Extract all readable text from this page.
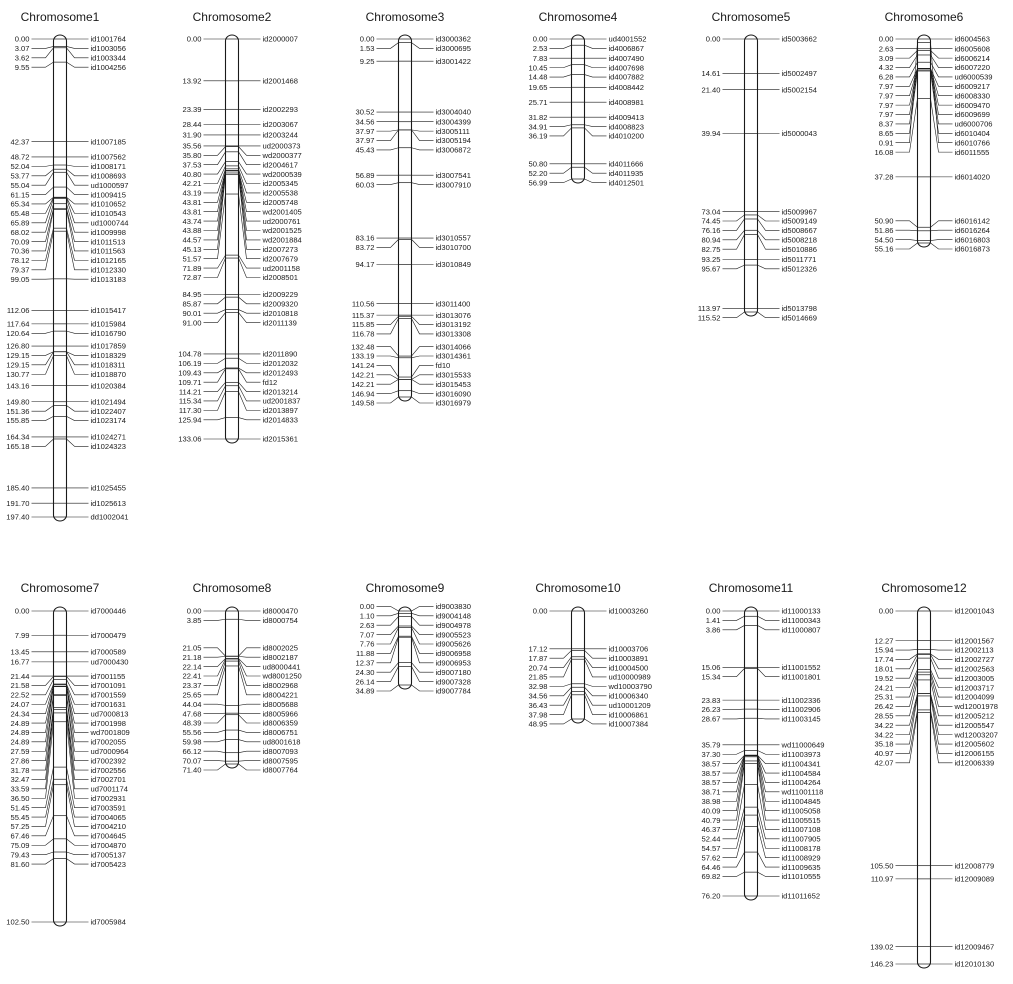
Chromosome1
0.00	id1001764
3.07	id1003056
3.62	id1003344
9.55	id1004256
42.37	id1007185
48.72	id1007562
52.04	id1008171
53.77	id1008693
55.04	ud1000597
61.15	id1009415
65.34	id1010652
65.48	id1010543
65.89	ud1000744
68.02	id1009998
70.09	id1011513
70.36	id1011563
78.12	id1012165
79.37	id1012330
99.05	id1013183
112.06	id1015417
117.64	id1015984
120.64	id1016790
126.80	id1017859
129.15	id1018329
129.15	id1018311
130.77	id1018870
143.16	id1020384
149.80	id1021494
151.36	id1022407
155.85	id1023174
164.34	id1024271
165.18	id1024323
185.40	id1025455
191.70	id1025613
197.40	dd1002041
Chromosome2
0.00	id2000007
13.92	id2001468
23.39	id2002293
28.44	id2003067
31.90	id2003244
35.56	ud2000373
35.80	wd2000377
37.53	id2004617
40.80	wd2000539
42.21	id2005345
43.19	id2005538
43.81	id2005748
43.81	wd2001405
43.74	ud2000761
43.88	wd2001525
44.57	wd2001884
45.13	id2007273
51.57	id2007679
71.89	ud2001158
72.87	id2008501
84.95	id2009229
85.87	id2009320
90.01	id2010818
91.00	id2011139
104.78	id2011890
106.19	id2012032
109.43	id2012493
109.71	fd12
114.21	id2013214
115.34	ud2001837
117.30	id2013897
125.94	id2014833
133.06	id2015361
Chromosome3
0.00	id3000362
1.53	id3000695
9.25	id3001422
30.52	id3004040
34.56	id3004399
37.97	id3005111
37.97	id3005194
45.43	id3006872
56.89	id3007541
60.03	id3007910
83.16	id3010557
83.72	id3010700
94.17	id3010849
110.56	id3011400
115.37	id3013076
115.85	id3013192
116.78	id3013308
132.48	id3014066
133.19	id3014361
141.24	fd10
142.21	id3015533
142.21	id3015453
146.94	id3016090
149.58	id3016979
Chromosome4
0.00	ud4001552
2.53	id4006867
7.83	id4007490
10.45	id4007698
14.48	id4007882
19.65	id4008442
25.71	id4008981
31.82	id4009413
34.91	id4008823
36.19	id4010200
50.80	id4011666
52.20	id4011935
56.99	id4012501
Chromosome5
0.00	id5003662
14.61	id5002497
21.40	id5002154
39.94	id5000043
73.04	id5009967
74.45	id5009149
76.16	id5008667
80.94	id5008218
82.75	id5010886
93.25	id5011771
95.67	id5012326
113.97	id5013798
115.52	id5014669
Chromosome6
0.00	id6004563
2.63	id6005608
3.09	id6006214
4.32	id6007220
6.28	ud6000539
7.97	id6009217
7.97	id6008330
7.97	id6009470
7.97	id6009699
8.37	ud6000706
8.65	id6010404
0.91	id6010766
16.08	id6011555
37.28	id6014020
50.90	id6016142
51.86	id6016264
54.50	id6016803
55.16	id6016873
Chromosome7
0.00	id7000446
7.99	id7000479
13.45	id7000589
16.77	ud7000430
21.44	id7001155
21.58	id7001091
22.52	id7001559
24.07	id7001631
24.34	ud7000813
24.89	id7001998
24.89	wd7001809
24.89	id7002055
27.59	ud7000964
27.86	id7002392
31.78	id7002556
32.47	id7002701
33.59	ud7001174
36.50	id7002931
51.45	id7003591
55.45	id7004065
57.25	id7004210
67.46	id7004645
75.09	id7004870
79.43	id7005137
81.60	id7005423
102.50	id7005984
Chromosome8
0.00	id8000470
3.85	id8000754
21.05	id8002025
21.18	id8002187
22.14	ud8000441
22.41	wd8001250
23.37	id8002968
25.65	id8004221
44.04	id8005688
47.68	id8005966
48.39	id8006359
55.56	id8006751
59.98	ud8001618
66.12	id8007093
70.07	id8007595
71.40	id8007764
Chromosome9
0.00	id9003830
1.10	id9004148
2.63	id9004978
7.07	id9005523
7.76	id9005626
11.88	id9006958
12.37	id9006953
24.30	id9007180
26.14	id9007328
34.89	id9007784
Chromosome10
0.00	id10003260
17.12	id10003706
17.87	id10003891
20.74	id10004500
21.85	ud10000989
32.98	wd10003790
34.56	id10006340
36.43	ud10001209
37.98	id10006861
48.95	id10007384
Chromosome11
0.00	id11000133
1.41	id11000343
3.86	id11000807
15.06	id11001552
15.34	id11001801
23.83	id11002336
26.23	id11002906
28.67	id11003145
35.79	wd11000649
37.30	id11003973
38.57	id11004341
38.57	id11004584
38.57	id11004264
38.71	wd11001118
38.98	id11004845
40.09	id11005058
40.79	id11005515
46.37	id11007108
52.44	id11007905
54.57	id11008178
57.62	id11008929
64.46	id11009635
69.82	id11010555
76.20	id11011652
Chromosome12
0.00	id12001043
12.27	id12001567
15.94	id12002113
17.74	id12002727
18.01	id12002563
19.52	id12003005
24.21	id12003717
25.31	id12004099
26.42	wd12001978
28.55	id12005212
34.22	id12005547
34.22	wd12003207
35.18	id12005602
40.97	id12006155
42.07	id12006339
105.50	id12008779
110.97	id12009089
139.02	id12009467
146.23	id12010130
